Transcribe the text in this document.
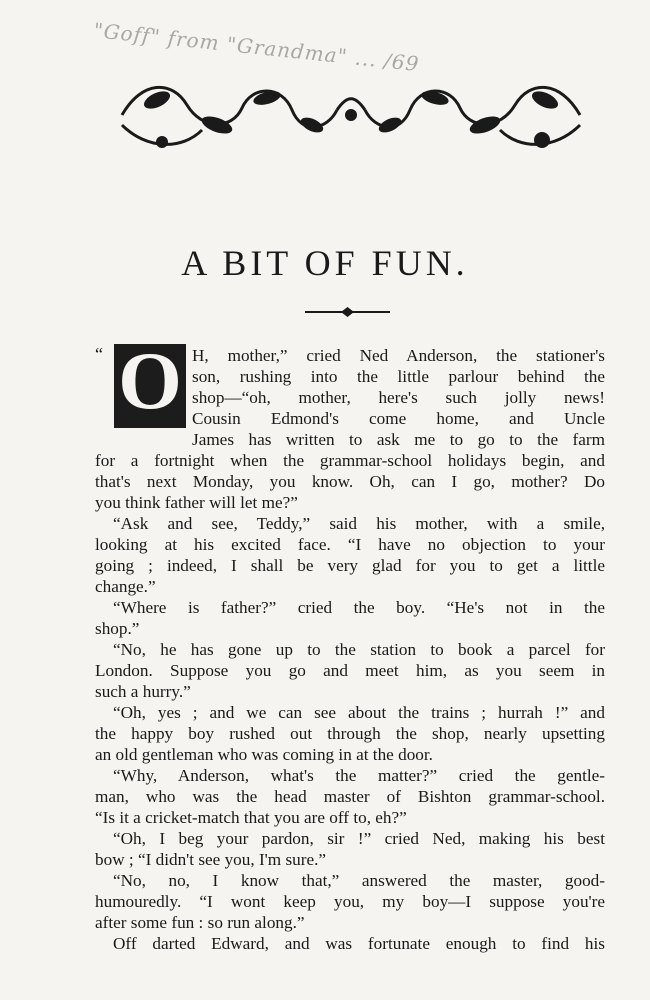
"Goff" from "Grandma" ... /69
A BIT OF FUN.
“ O H, mother,” cried Ned Anderson, the stationer's
son, rushing into the little parlour behind the
shop—“oh, mother, here's such jolly news!
Cousin Edmond's come home, and Uncle
James has written to ask me to go to the farm
for a fortnight when the grammar-school holidays begin, and
that's next Monday, you know. Oh, can I go, mother? Do
you think father will let me?”
“Ask and see, Teddy,” said his mother, with a smile,
looking at his excited face. “I have no objection to your
going ; indeed, I shall be very glad for you to get a little
change.”
“Where is father?” cried the boy. “He's not in the
shop.”
“No, he has gone up to the station to book a parcel for
London. Suppose you go and meet him, as you seem in
such a hurry.”
“Oh, yes ; and we can see about the trains ; hurrah !” and
the happy boy rushed out through the shop, nearly upsetting
an old gentleman who was coming in at the door.
“Why, Anderson, what's the matter?” cried the gentle-
man, who was the head master of Bishton grammar-school.
“Is it a cricket-match that you are off to, eh?”
“Oh, I beg your pardon, sir !” cried Ned, making his best
bow ; “I didn't see you, I'm sure.”
“No, no, I know that,” answered the master, good-
humouredly. “I wont keep you, my boy—I suppose you're
after some fun : so run along.”
Off darted Edward, and was fortunate enough to find his
